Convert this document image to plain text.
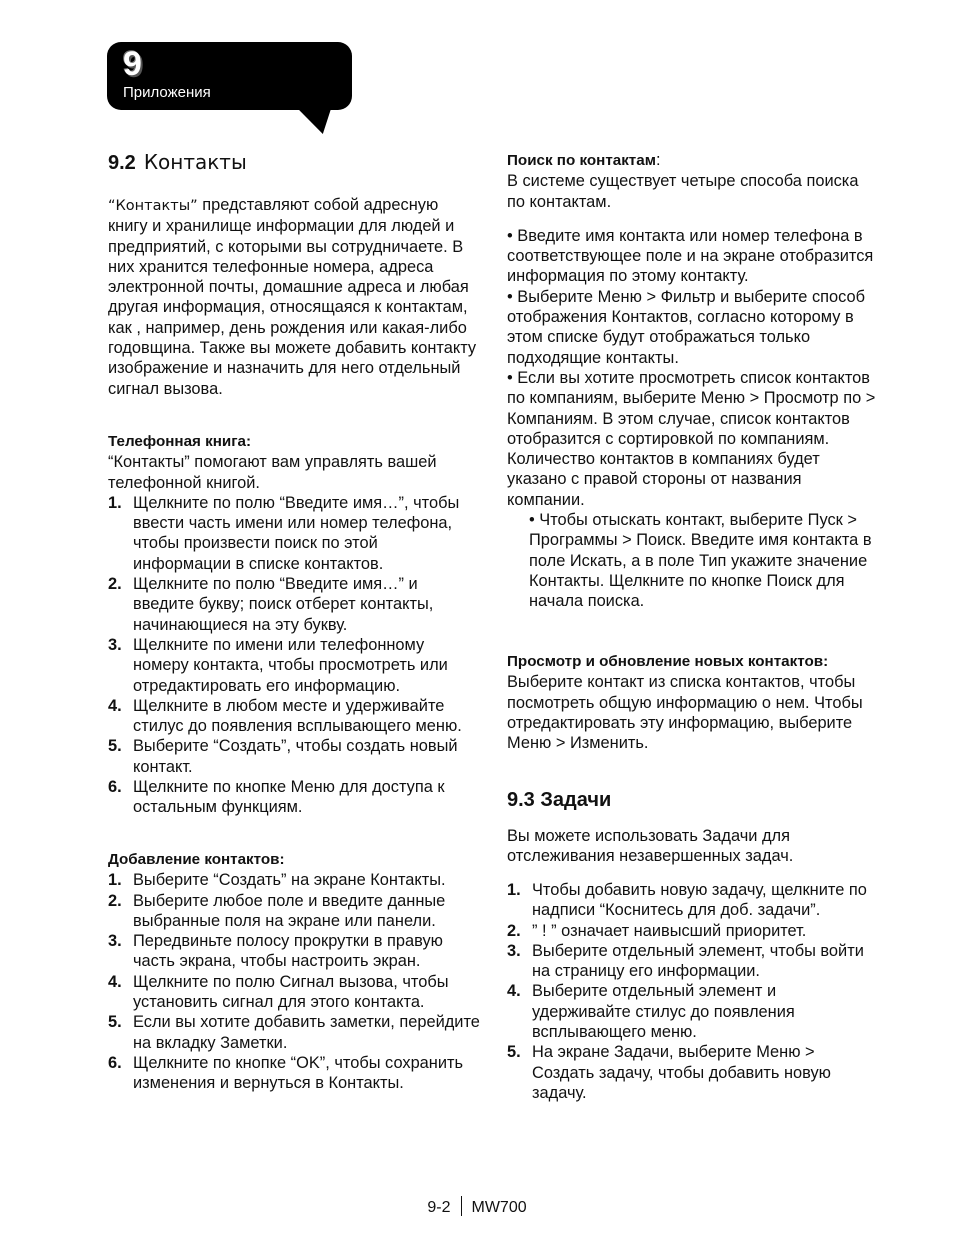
9
Приложения
9.2 Контакты

“Контакты” представляют собой адресную книгу и хранилище информации для людей и предприятий, с которыми вы сотрудничаете. В них хранится телефонные номера, адреса электронной почты, домашние адреса и любая другая информация, относящаяся к контактам, как , например, день рождения или какая-либо годовщина. Также вы можете добавить контакту изображение и назначить для него отдельный сигнал вызова.

Телефонная книга:

“Контакты” помогают вам управлять вашей телефонной книгой.

1. Щелкните по полю “Введите имя…”, чтобы ввести часть имени или номер телефона, чтобы произвести поиск по этой информации в списке контактов.
2. Щелкните по полю “Введите имя…” и введите букву; поиск отберет контакты, начинающиеся на эту букву.
3. Щелкните по имени или телефонному номеру контакта, чтобы просмотреть или отредактировать его информацию.
4. Щелкните в любом месте и удерживайте стилус до появления всплывающего меню.
5. Выберите “Создать”, чтобы создать новый контакт.
6. Щелкните по кнопке Меню для доступа к остальным функциям.

Добавление контактов:

1. Выберите “Создать” на экране Контакты.
2. Выберите любое поле и введите данные выбранные поля на экране или панели.
3. Передвиньте полосу прокрутки в правую часть экрана, чтобы настроить экран.
4. Щелкните по полю Сигнал вызова, чтобы установить сигнал для этого контакта.
5. Если вы хотите добавить заметки, перейдите на вкладку Заметки.
6. Щелкните по кнопке “OK”, чтобы сохранить изменения и вернуться в Контакты.

Поиск по контактам:

В системе существует четыре способа поиска по контактам.

• Введите имя контакта или номер телефона в соответствующее поле и на экране отобразится информация по этому контакту.

• Выберите Меню > Фильтр и выберите способ отображения Контактов, согласно которому в этом списке будут отображаться только подходящие контакты.

• Если вы хотите просмотреть список контактов по компаниям, выберите Меню > Просмотр по > Компаниям. В этом случае, список контактов отобразится с сортировкой по компаниям. Количество контактов в компаниях будет указано с правой стороны от названия компании.

• Чтобы отыскать контакт, выберите Пуск > Программы > Поиск. Введите имя контакта в поле Искать, а в поле Тип укажите значение Контакты. Щелкните по кнопке Поиск для начала поиска.

Просмотр и обновление новых контактов:

Выберите контакт из списка контактов, чтобы посмотреть общую информацию о нем. Чтобы отредактировать эту информацию, выберите Меню > Изменить.

9.3 Задачи

Вы можете использовать Задачи для отслеживания незавершенных задач.

1. Чтобы добавить новую задачу, щелкните по надписи “Коснитесь для доб. задачи”.
2. ” ! ” означает наивысший приоритет.
3. Выберите отдельный элемент, чтобы войти на страницу его информации.
4. Выберите отдельный элемент и удерживайте стилус до появления всплывающего меню.
5. На экране Задачи, выберите Меню > Создать задачу, чтобы добавить новую задачу.
9-2 MW700
